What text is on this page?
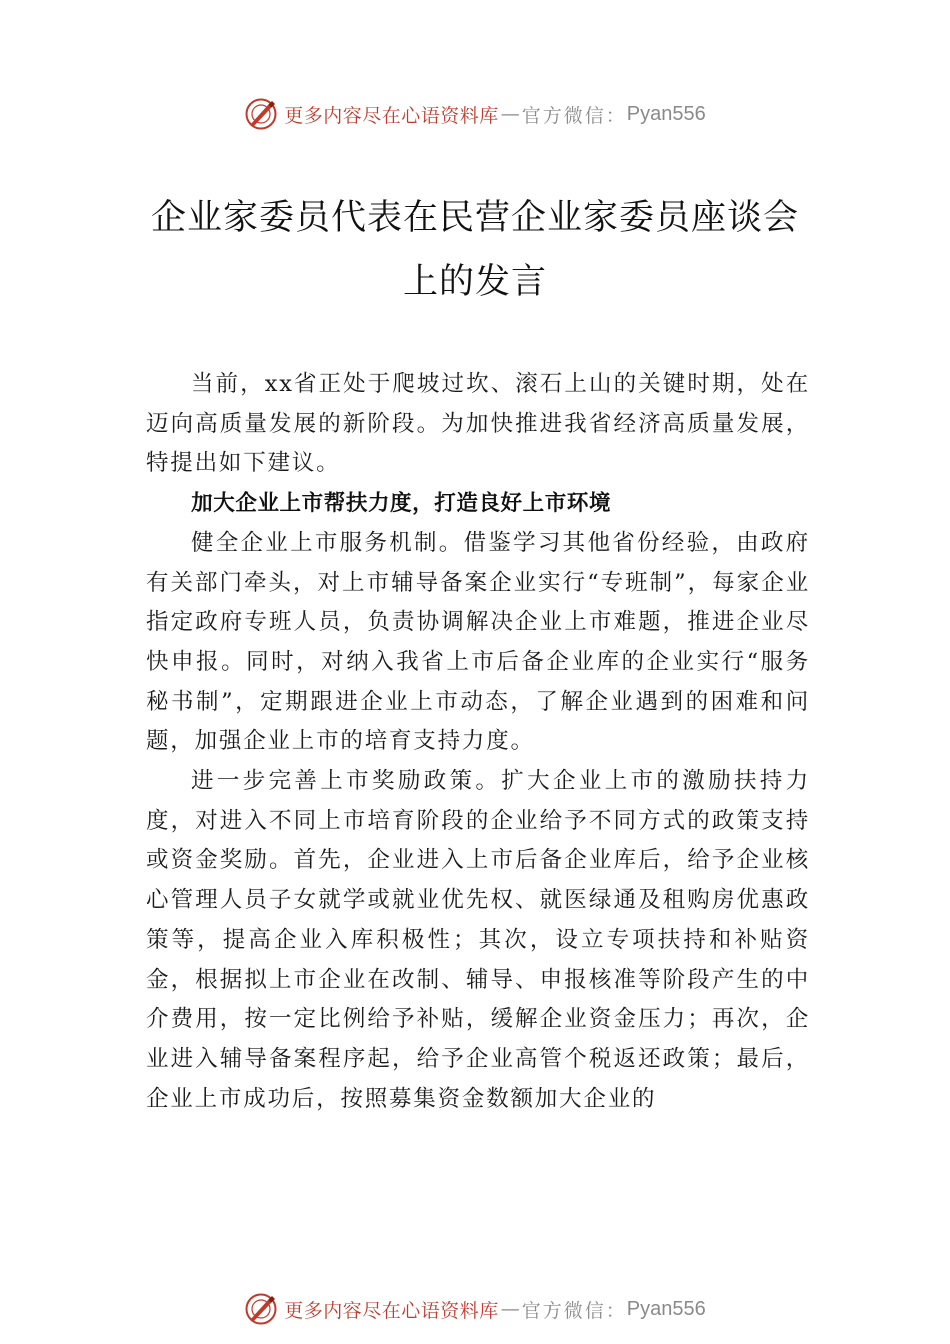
更多内容尽在心语资料库 — 官方微信： Pyan556
企业家委员代表在民营企业家委员座谈会上的发言

当前，xx省正处于爬坡过坎、滚石上山的关键时期，处在迈向高质量发展的新阶段。为加快推进我省经济高质量发展，特提出如下建议。

加大企业上市帮扶力度，打造良好上市环境

健全企业上市服务机制。借鉴学习其他省份经验，由政府有关部门牵头，对上市辅导备案企业实行“专班制”，每家企业指定政府专班人员，负责协调解决企业上市难题，推进企业尽快申报。同时，对纳入我省上市后备企业库的企业实行“服务秘书制”，定期跟进企业上市动态，了解企业遇到的困难和问题，加强企业上市的培育支持力度。

进一步完善上市奖励政策。扩大企业上市的激励扶持力度，对进入不同上市培育阶段的企业给予不同方式的政策支持或资金奖励。首先，企业进入上市后备企业库后，给予企业核心管理人员子女就学或就业优先权、就医绿通及租购房优惠政策等，提高企业入库积极性；其次，设立专项扶持和补贴资金，根据拟上市企业在改制、辅导、申报核准等阶段产生的中介费用，按一定比例给予补贴，缓解企业资金压力；再次，企业进入辅导备案程序起，给予企业高管个税返还政策；最后，企业上市成功后，按照募集资金数额加大企业的

更多内容尽在心语资料库 — 官方微信： Pyan556
